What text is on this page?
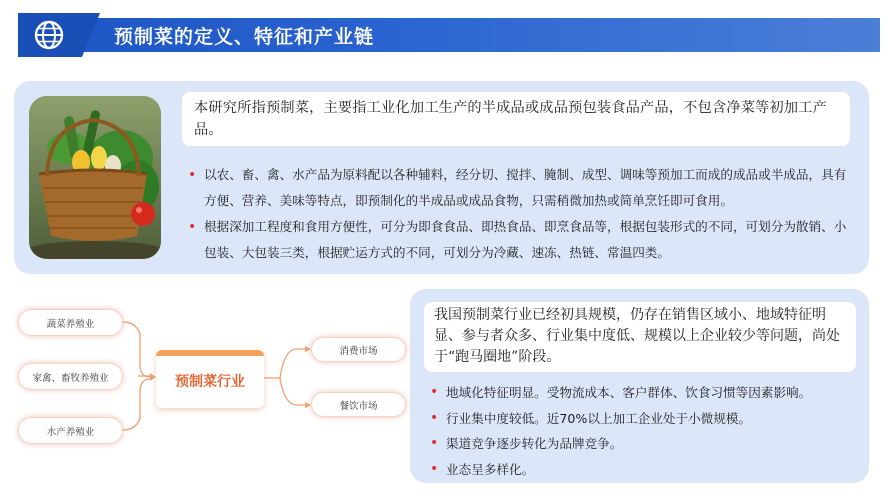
预制菜的定义、特征和产业链
本研究所指预制菜，主要指工业化加工生产的半成品或成品预包装食品产品，不包含净菜等初加工产品。
• 以农、畜、禽、水产品为原料配以各种辅料，经分切、搅拌、腌制、成型、调味等预加工而成的成品或半成品，具有方便、营养、美味等特点，即预制化的半成品或成品食物，只需稍微加热或简单烹饪即可食用。
• 根据深加工程度和食用方便性，可分为即食食品、即热食品、即烹食品等，根据包装形式的不同，可划分为散销、小包装、大包装三类，根据贮运方式的不同，可划分为冷藏、速冻、热链、常温四类。
蔬菜养殖业
家禽、畜牧养殖业
水产养殖业
预制菜行业
消费市场
餐饮市场
我国预制菜行业已经初具规模，仍存在销售区域小、地域特征明显、参与者众多、行业集中度低、规模以上企业较少等问题，尚处于“跑马圈地”阶段。
• 地域化特征明显。受物流成本、客户群体、饮食习惯等因素影响。
• 行业集中度较低。近70%以上加工企业处于小微规模。
• 渠道竞争逐步转化为品牌竞争。
• 业态呈多样化。
